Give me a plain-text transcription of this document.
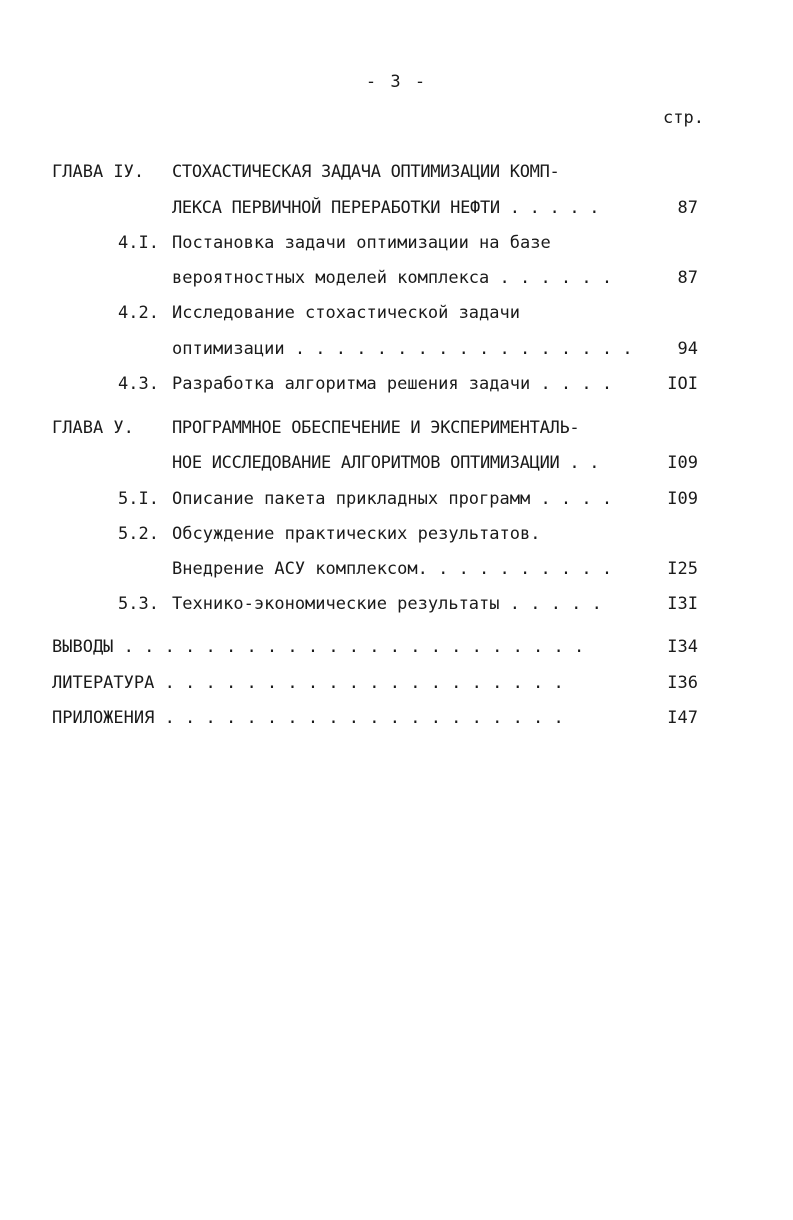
- 3 -
стр.
ГЛАВА IУ. СТОХАСТИЧЕСКАЯ ЗАДАЧА ОПТИМИЗАЦИИ КОМП-
ЛЕКСА ПЕРВИЧНОЙ ПЕРЕРАБОТКИ НЕФТИ . . . . .	87
4.I. Постановка задачи оптимизации на базе
вероятностных моделей комплекса . . . . . .	87
4.2. Исследование стохастической задачи
оптимизации . . . . . . . . . . . . . . . . .	94
4.3. Разработка алгоритма решения задачи . . . .	IOI
ГЛАВА У. ПРОГРАММНОЕ ОБЕСПЕЧЕНИЕ И ЭКСПЕРИМЕНТАЛЬ-
НОЕ ИССЛЕДОВАНИЕ АЛГОРИТМОВ ОПТИМИЗАЦИИ . .	I09
5.I. Описание пакета прикладных программ . . . .	I09
5.2. Обсуждение практических результатов.
Внедрение АСУ комплексом. . . . . . . . . .	I25
5.3. Технико-экономические результаты . . . . .	I3I
ВЫВОДЫ . . . . . . . . . . . . . . . . . . . . . . .	I34
ЛИТЕРАТУРА . . . . . . . . . . . . . . . . . . . .	I36
ПРИЛОЖЕНИЯ . . . . . . . . . . . . . . . . . . . .	I47
